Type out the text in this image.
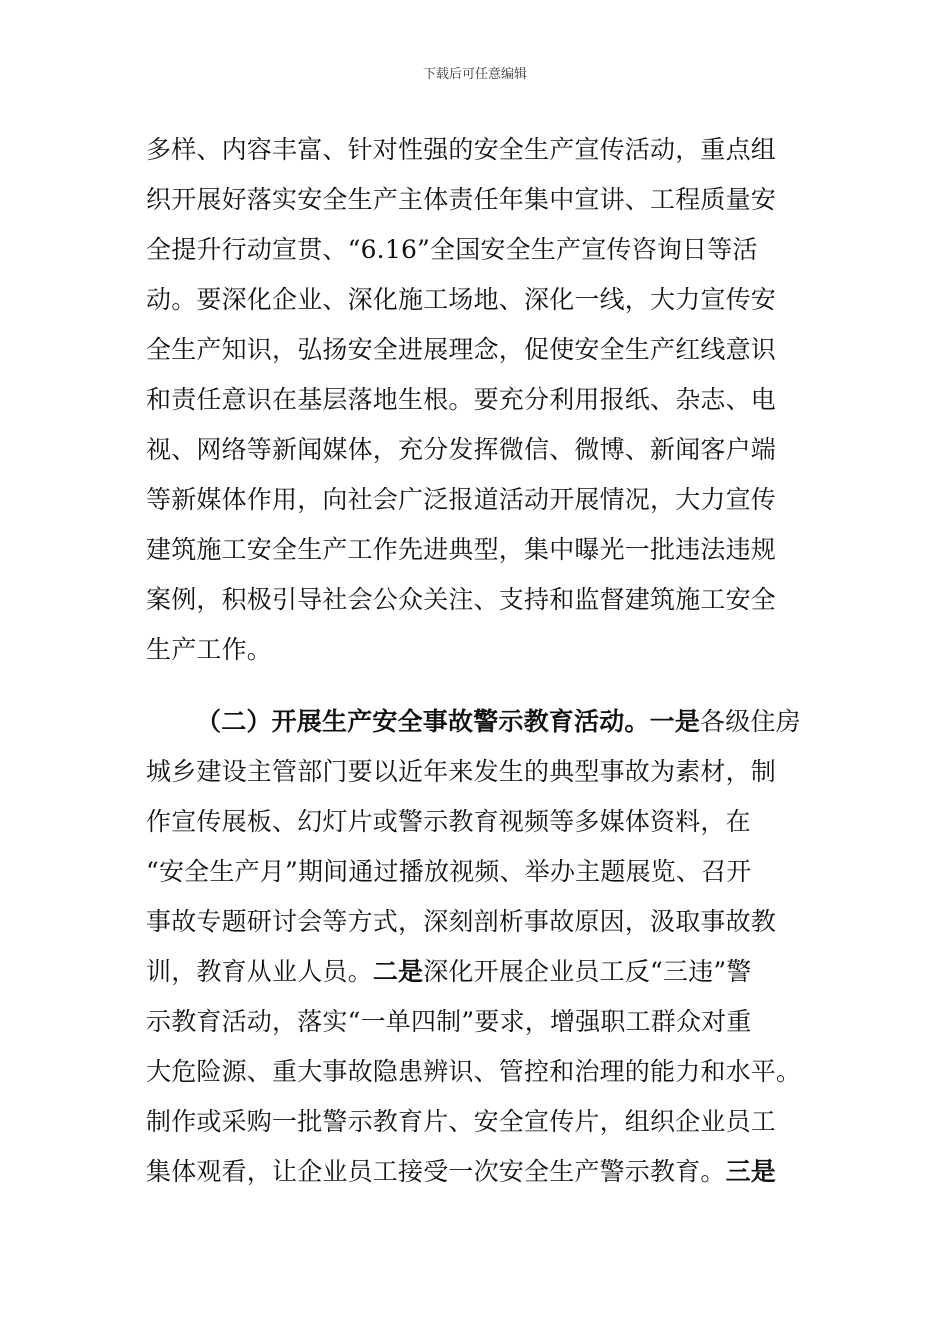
下载后可任意编辑
多样、内容丰富、针对性强的安全生产宣传活动，重点组
织开展好落实安全生产主体责任年集中宣讲、工程质量安
全提升行动宣贯、“6.16”全国安全生产宣传咨询日等活
动。要深化企业、深化施工场地、深化一线，大力宣传安
全生产知识，弘扬安全进展理念，促使安全生产红线意识
和责任意识在基层落地生根。要充分利用报纸、杂志、电
视、网络等新闻媒体，充分发挥微信、微博、新闻客户端
等新媒体作用，向社会广泛报道活动开展情况，大力宣传
建筑施工安全生产工作先进典型，集中曝光一批违法违规
案例，积极引导社会公众关注、支持和监督建筑施工安全
生产工作。
（二）开展生产安全事故警示教育活动。一是各级住房
城乡建设主管部门要以近年来发生的典型事故为素材，制
作宣传展板、幻灯片或警示教育视频等多媒体资料，在
“安全生产月”期间通过播放视频、举办主题展览、召开
事故专题研讨会等方式，深刻剖析事故原因，汲取事故教
训，教育从业人员。二是深化开展企业员工反“三违”警
示教育活动，落实“一单四制”要求，增强职工群众对重
大危险源、重大事故隐患辨识、管控和治理的能力和水平。
制作或采购一批警示教育片、安全宣传片，组织企业员工
集体观看，让企业员工接受一次安全生产警示教育。三是
